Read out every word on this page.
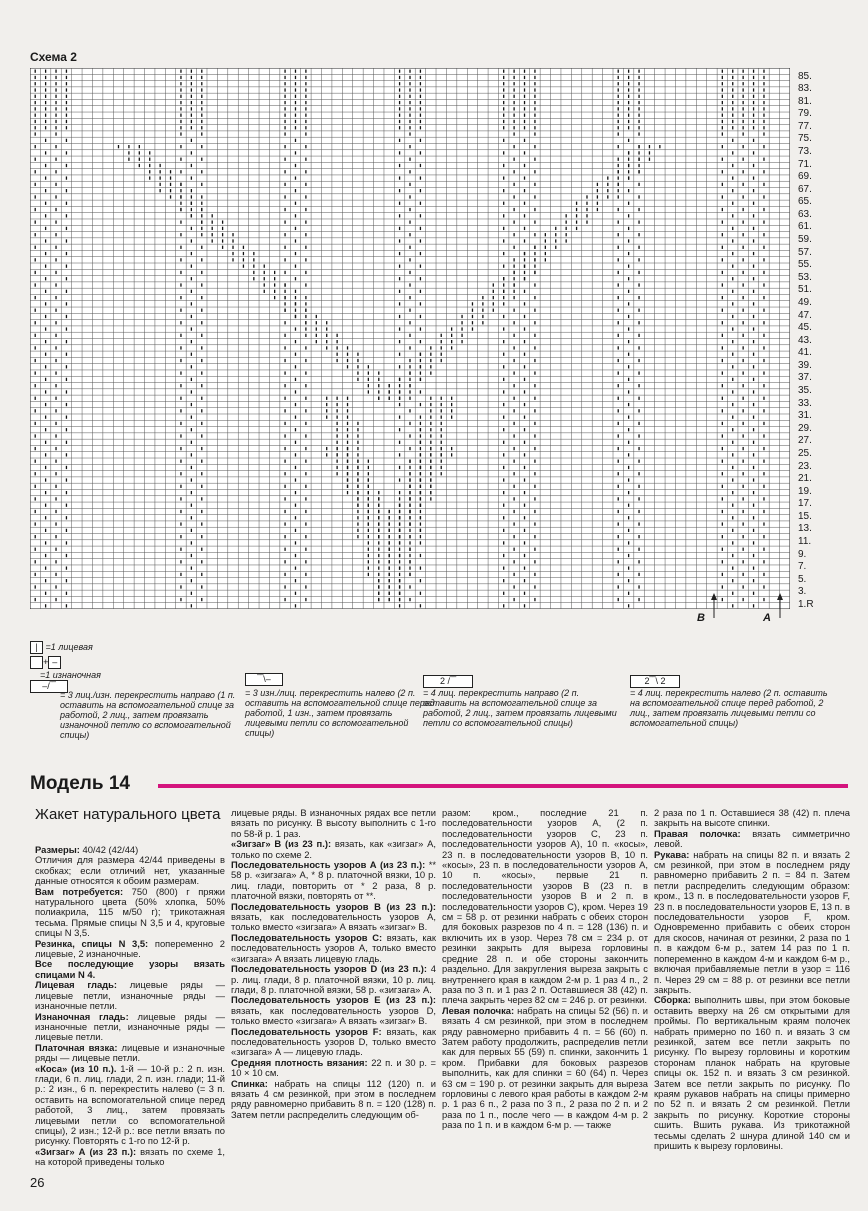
Схема 2
85.
83.
81.
79.
77.
75.
73.
71.
69.
67.
65.
63.
61.
59.
57.
55.
53.
51.
49.
47.
45.
43.
41.
39.
37.
35.
33.
31.
29.
27.
25.
23.
21.
19.
17.
15.
13.
11.
9.
7.
5.
3.
1.R
B	A
| =1 лицевая
+ –
=1 изнаночная
–/‾‾
= 3 лиц./изн. перекрестить направо (1 п. оставить на вспомогательной спице за работой, 2 лиц., затем провязать изнаночной петлю со вспомогательной спицы)
‾‾\–
= 3 изн./лиц. перекрестить налево (2 п. оставить на вспомогательной спице перед работой, 1 изн., затем провязать лицевыми петли со вспомогательной спицы)
2 /‾‾
= 4 лиц. перекрестить направо (2 п. оставить на вспомогательной спице за работой, 2 лиц., затем провязать лицевыми петли со вспомогательной спицы)
2‾‾\ 2
= 4 лиц. перекрестить налево (2 п. оставить на вспомогательной спице перед работой, 2 лиц., затем провязать лицевыми петли со вспомогательной спицы)
Модель 14
Жакет натурального цвета

Размеры: 40/42 (42/44)

Отличия для размера 42/44 приведены в скобках; если отличий нет, указанные данные относятся к обоим размерам.

Вам потребуется: 750 (800) г пряжи натурального цвета (50% хлопка, 50% полиакрила, 115 м/50 г); трикотажная тесьма. Прямые спицы N 3,5 и 4, круговые спицы N 3,5.

Резинка, спицы N 3,5: попеременно 2 лицевые, 2 изнаночные.

Все последующие узоры вязать спицами N 4.

Лицевая гладь: лицевые ряды — лицевые петли, изнаночные ряды — изнаночные петли.

Изнаночная гладь: лицевые ряды — изнаночные петли, изнаночные ряды — лицевые петли.

Платочная вязка: лицевые и изнаночные ряды — лицевые петли.

«Коса» (из 10 п.). 1-й — 10-й р.: 2 п. изн. глади, 6 п. лиц. глади, 2 п. изн. глади; 11-й р.: 2 изн., 6 п. перекрестить налево (= 3 п. оставить на вспомогательной спице перед работой, 3 лиц., затем провязать лицевыми петли со вспомогательной спицы), 2 изн.; 12-й р.: все петли вязать по рисунку. Повторять с 1-го по 12-й р.

«Зигзаг» А (из 23 п.): вязать по схеме 1, на которой приведены только

лицевые ряды. В изнаночных рядах все петли вязать по рисунку. В высоту выполнить с 1-го по 58-й р. 1 раз.

«Зигзаг» В (из 23 п.): вязать, как «зигзаг» А, только по схеме 2.

Последовательность узоров А (из 23 п.): ** 58 р. «зигзага» А, * 8 р. платочной вязки, 10 р. лиц. глади, повторить от * 2 раза, 8 р. платочной вязки, повторять от **.

Последовательность узоров В (из 23 п.): вязать, как последовательность узоров А, только вместо «зигзага» А вязать «зигзаг» В.

Последовательность узоров С: вязать, как последовательность узоров А, только вместо «зигзага» А вязать лицевую гладь.

Последовательность узоров D (из 23 п.): 4 р. лиц. глади, 8 р. платочной вязки, 10 р. лиц. глади, 8 р. платочной вязки, 58 р. «зигзага» А.

Последовательность узоров Е (из 23 п.): вязать, как последовательность узоров D, только вместо «зигзага» А вязать «зигзаг» В.

Последовательность узоров F: вязать, как последовательность узоров D, только вместо «зигзага» А — лицевую гладь.

Средняя плотность вязания: 22 п. и 30 р. = 10 × 10 см.

Спинка: набрать на спицы 112 (120) п. и вязать 4 см резинкой, при этом в последнем ряду равномерно прибавить 8 п. = 120 (128) п. Затем петли распределить следующим об-

разом: кром., последние 21 п. последовательности узоров А, (2 п. последовательности узоров С, 23 п. последовательности узоров А), 10 п. «косы», 23 п. в последовательности узоров В, 10 п. «косы», 23 п. в последовательности узоров А, 10 п. «косы», первые 21 п. последовательности узоров В (23 п. в последовательности узоров В и 2 п. в последовательности узоров С), кром. Через 19 см = 58 р. от резинки набрать с обеих сторон для боковых разрезов по 4 п. = 128 (136) п. и включить их в узор. Через 78 см = 234 р. от резинки закрыть для выреза горловины средние 28 п. и обе стороны закончить раздельно. Для закругления выреза закрыть с внутреннего края в каждом 2-м р. 1 раз 4 п., 2 раза по 3 п. и 1 раз 2 п. Оставшиеся 38 (42) п. плеча закрыть через 82 см = 246 р. от резинки.

Левая полочка: набрать на спицы 52 (56) п. и вязать 4 см резинкой, при этом в последнем ряду равномерно прибавить 4 п. = 56 (60) п. Затем работу продолжить, распределив петли как для первых 55 (59) п. спинки, закончить 1 кром. Прибавки для боковых разрезов выполнить, как для спинки = 60 (64) п. Через 63 см = 190 р. от резинки закрыть для выреза горловины с левого края работы в каждом 2-м р. 1 раз 6 п., 2 раза по 3 п., 2 раза по 2 п. и 2 раза по 1 п., после чего — в каждом 4-м р. 2 раза по 1 п. и в каждом 6-м р. — также

2 раза по 1 п. Оставшиеся 38 (42) п. плеча закрыть на высоте спинки.

Правая полочка: вязать симметрично левой.

Рукава: набрать на спицы 82 п. и вязать 2 см резинкой, при этом в последнем ряду равномерно прибавить 2 п. = 84 п. Затем петли распределить следующим образом: кром., 13 п. в последовательности узоров F, 23 п. в последовательности узоров Е, 13 п. в последовательности узоров F, кром. Одновременно прибавить с обеих сторон для скосов, начиная от резинки, 2 раза по 1 п. в каждом 6-м р., затем 14 раз по 1 п. попеременно в каждом 4-м и каждом 6-м р., включая прибавляемые петли в узор = 116 п. Через 29 см = 88 р. от резинки все петли закрыть.

Сборка: выполнить швы, при этом боковые оставить вверху на 26 см открытыми для проймы. По вертикальным краям полочек набрать примерно по 160 п. и вязать 3 см резинкой, затем все петли закрыть по рисунку. По вырезу горловины и коротким сторонам планок набрать на круговые спицы ок. 152 п. и вязать 3 см резинкой. Затем все петли закрыть по рисунку. По краям рукавов набрать на спицы примерно по 52 п. и вязать 2 см резинкой. Петли закрыть по рисунку. Короткие стороны сшить. Вшить рукава. Из трикотажной тесьмы сделать 2 шнура длиной 140 см и пришить к вырезу горловины.

26
